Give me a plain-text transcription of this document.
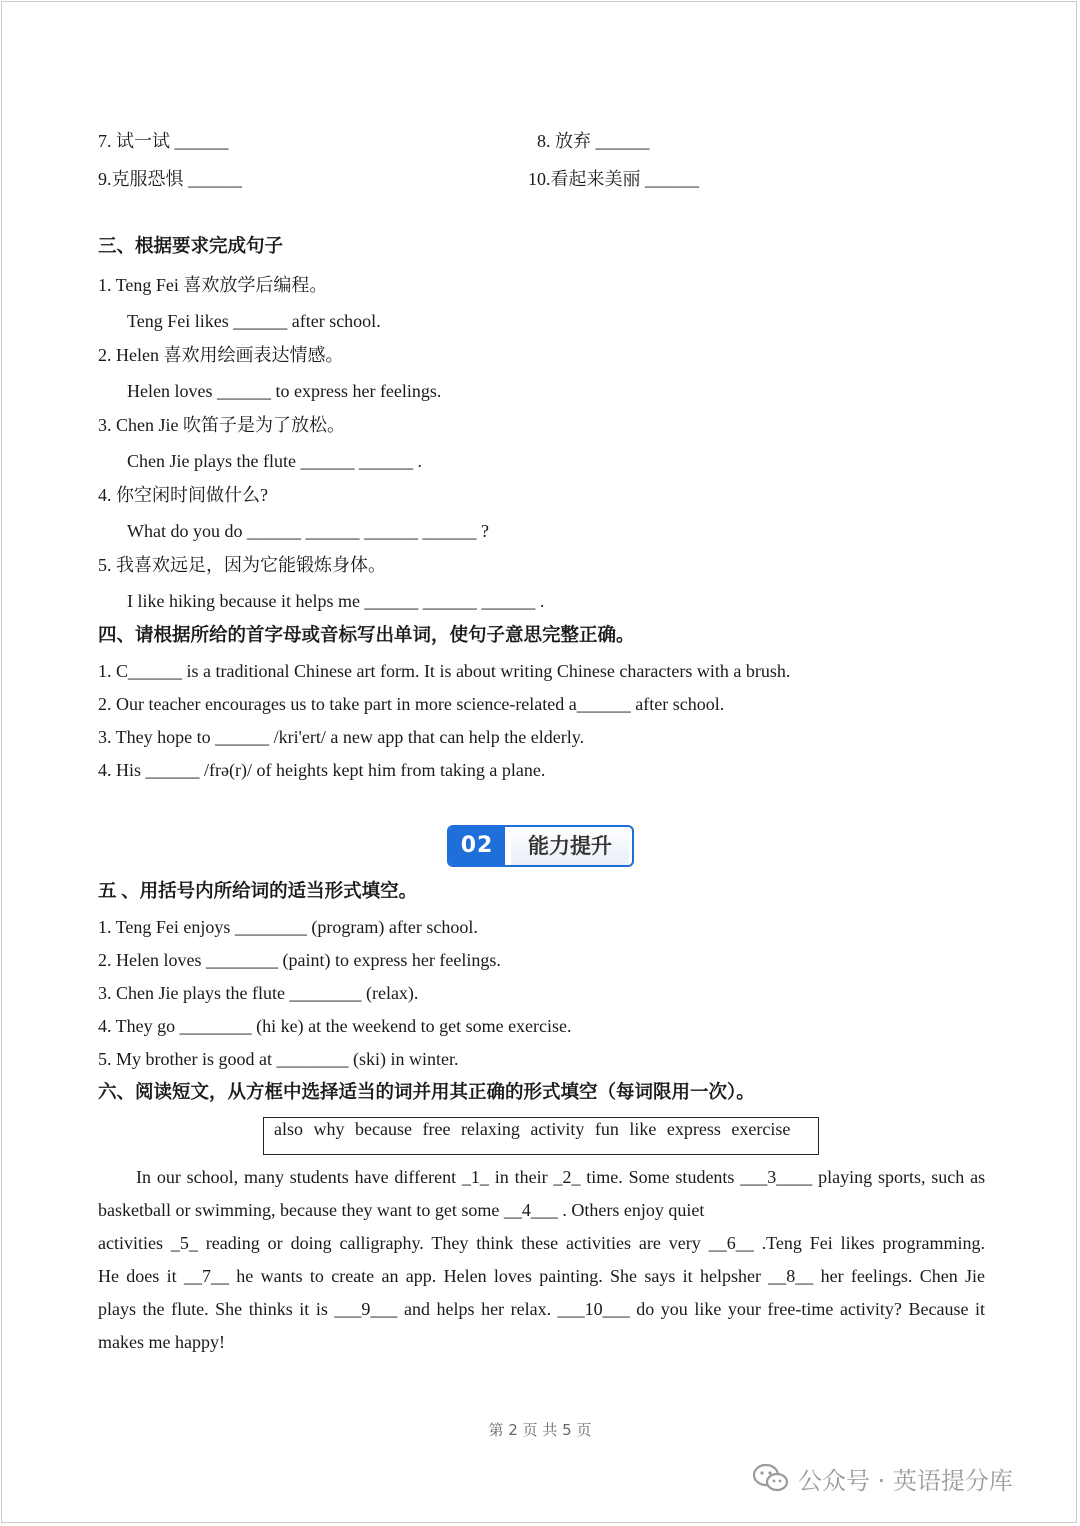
7. 试一试 ______	8. 放弃 ______
9.克服恐惧 ______	10.看起来美丽 ______
三、根据要求完成句子
1. Teng Fei 喜欢放学后编程。
Teng Fei likes ______ after school.
2. Helen 喜欢用绘画表达情感。
Helen loves ______ to express her feelings.
3. Chen Jie 吹笛子是为了放松。
Chen Jie plays the flute ______ ______ .
4. 你空闲时间做什么?
What do you do ______ ______ ______ ______ ?
5. 我喜欢远足，因为它能锻炼身体。
I like hiking because it helps me ______ ______ ______ .
四、请根据所给的首字母或音标写出单词，使句子意思完整正确。
1. C______ is a traditional Chinese art form. It is about writing Chinese characters with a brush.
2. Our teacher encourages us to take part in more science-related a______ after school.
3. They hope to ______ /kri'ert/ a new app that can help the elderly.
4. His ______ /frə(r)/ of heights kept him from taking a plane.
02	能力提升
五 、用括号内所给词的适当形式填空。
1. Teng Fei enjoys ________ (program) after school.
2. Helen loves ________ (paint) to express her feelings.
3. Chen Jie plays the flute ________ (relax).
4. They go ________ (hi ke) at the weekend to get some exercise.
5. My brother is good at ________ (ski) in winter.
六、阅读短文，从方框中选择适当的词并用其正确的形式填空（每词限用一次）。
also why because free relaxing activity fun like express exercise
In our school, many students have different _1_ in their _2_ time. Some students ___3____ playing sports, such as
basketball or swimming, because they want to get some __4___ . Others enjoy quiet
activities _5_ reading or doing calligraphy. They think these activities are very __6__ .Teng Fei likes programming.
He does it __7__ he wants to create an app. Helen loves painting. She says it helpsher __8__ her feelings. Chen Jie
plays the flute. She thinks it is ___9___ and helps her relax. ___10___ do you like your free-time activity? Because it
makes me happy!
第 2 页 共 5 页
公众号 · 英语提分库
